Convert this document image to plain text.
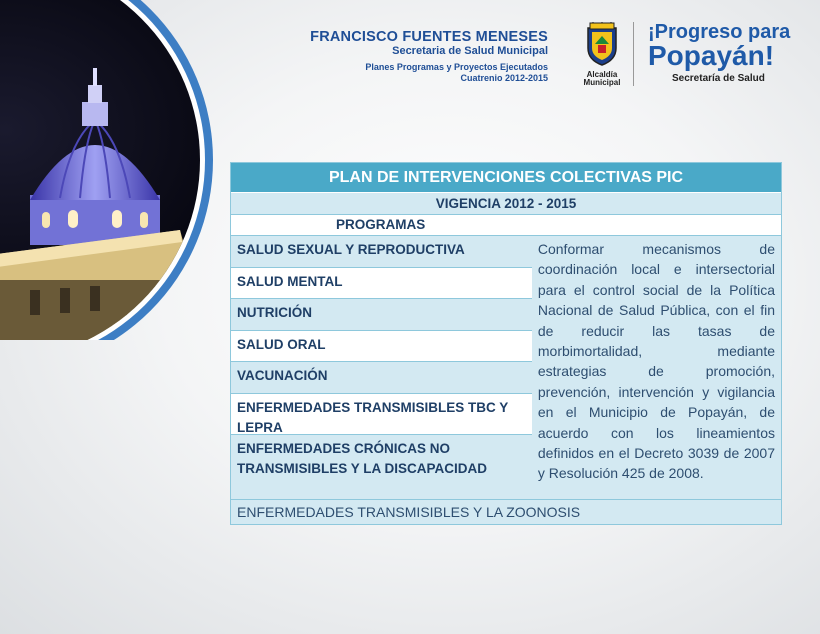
FRANCISCO FUENTES MENESES
Secretaria de Salud Municipal
Planes Programas y Proyectos Ejecutados
Cuatrenio 2012-2015	Alcaldía
Municipal
¡Progreso para
Popayán!
Secretaría de Salud
PLAN DE INTERVENCIONES COLECTIVAS PIC
VIGENCIA 2012 - 2015
PROGRAMAS
SALUD SEXUAL Y REPRODUCTIVA
SALUD MENTAL
NUTRICIÓN
SALUD ORAL
VACUNACIÓN
ENFERMEDADES TRANSMISIBLES TBC Y LEPRA
ENFERMEDADES CRÓNICAS NO TRANSMISIBLES Y LA DISCAPACIDAD
Conformar mecanismos de coordinación local e intersectorial para el control social de la Política Nacional de Salud Pública, con el fin de reducir las tasas de morbimortalidad, mediante estrategias de promoción, prevención, intervención y vigilancia en el Municipio de Popayán, de acuerdo con los lineamientos definidos en el Decreto 3039 de 2007 y Resolución 425 de 2008.
ENFERMEDADES TRANSMISIBLES Y LA ZOONOSIS
